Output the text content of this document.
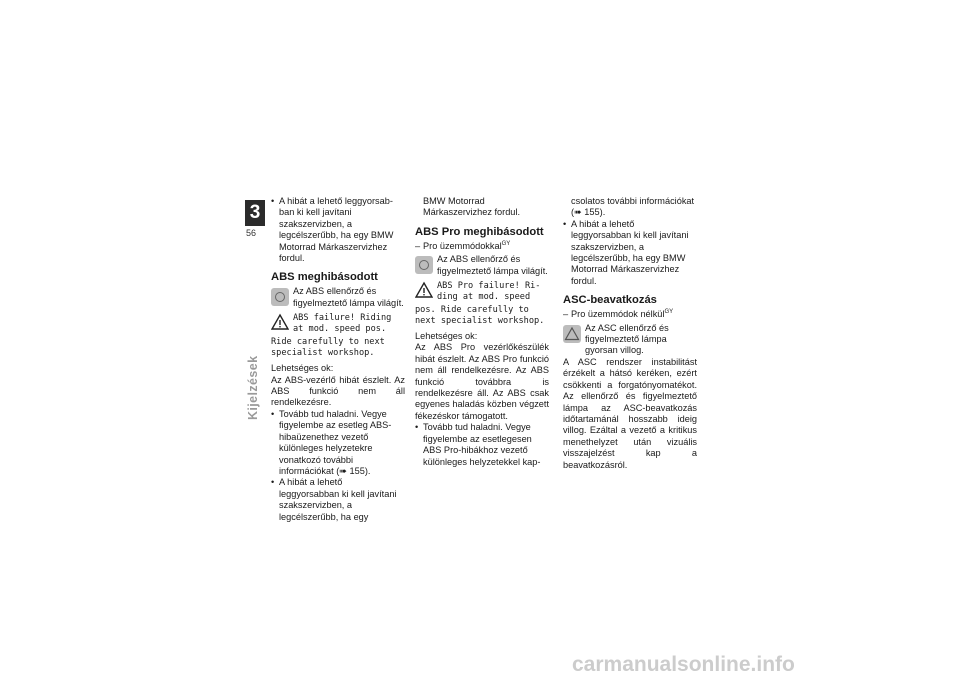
3
56
Kijelzések

• A hibát a lehető leggyorsab-ban ki kell javítani szakszervizben, a legcélszerűbb, ha egy BMW Motorrad Márkaszervizhez fordul.

ABS meghibásodott

Az ABS ellenőrző és figyelmeztető lámpa világít.

ABS failure! Riding
at mod. speed pos.
Ride carefully to next
specialist workshop.

Lehetséges ok:

Az ABS-vezérlő hibát észlelt. Az ABS funkció nem áll rendelkezésre.

• Tovább tud haladni. Vegye figyelembe az esetleg ABS-hibaüzenethez vezető különleges helyzetekre vonatkozó további információkat (➠ 155).

• A hibát a lehető leggyorsabban ki kell javítani szakszervizben, a legcélszerűbb, ha egy

BMW Motorrad Márkaszervizhez fordul.

ABS Pro meghibásodott

– Pro üzemmódokkal$^{GY}$

Az ABS ellenőrző és figyelmeztető lámpa világít.

ABS Pro failure! Ri-
ding at mod. speed
pos. Ride carefully to
next specialist workshop.

Lehetséges ok:

Az ABS Pro vezérlőkészülék hibát észlelt. Az ABS Pro funkció nem áll rendelkezésre. Az ABS funkció továbbra is rendelkezésre áll. Az ABS csak egyenes haladás közben végzett fékezéskor támogatott.

• Tovább tud haladni. Vegye figyelembe az esetlegesen ABS Pro-hibákhoz vezető különleges helyzetekkel kap-

csolatos további információkat (➠ 155).

• A hibát a lehető leggyorsabban ki kell javítani szakszervizben, a legcélszerűbb, ha egy BMW Motorrad Márkaszervizhez fordul.

ASC-beavatkozás

– Pro üzemmódok nélkül$^{GY}$

Az ASC ellenőrző és figyelmeztető lámpa gyorsan villog.

A ASC rendszer instabilitást érzékelt a hátsó keréken, ezért csökkenti a forgatónyomatékot. Az ellenőrző és figyelmeztető lámpa az ASC-beavatkozás időtartamánál hosszabb ideig villog. Ezáltal a vezető a kritikus menethelyzet után vizuális visszajelzést kap a beavatkozásról.

carmanualsonline.info
